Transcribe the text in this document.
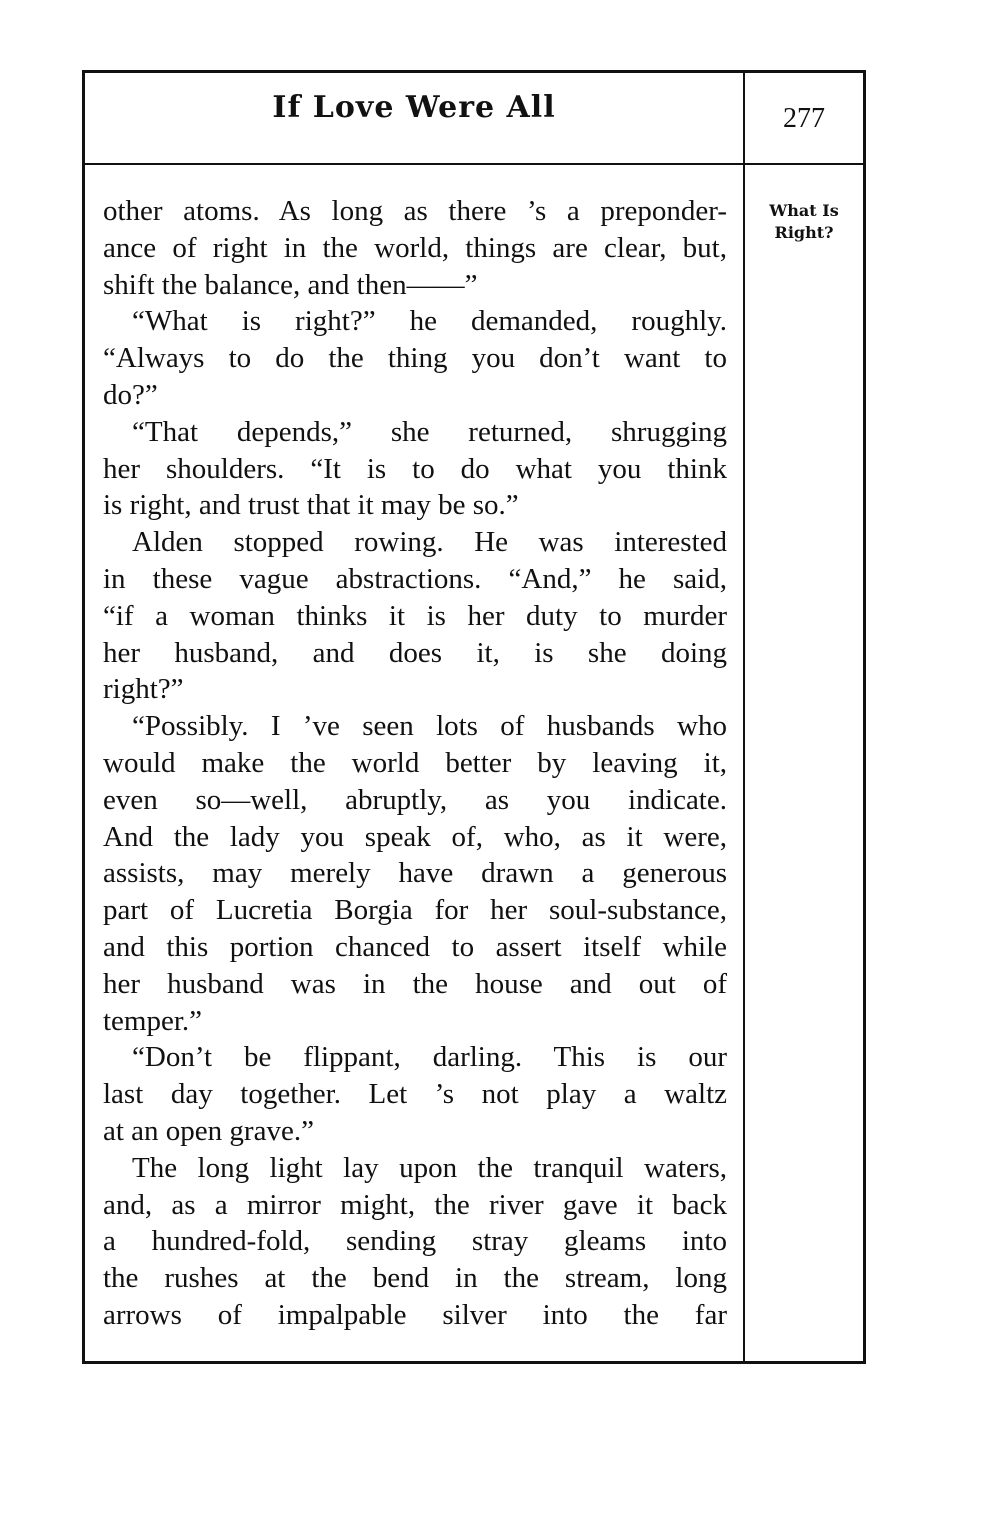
If Love Were All	277
What Is
Right?
other atoms. As long as there ’s a preponder-
ance of right in the world, things are clear, but,
shift the balance, and then——”
“What is right?” he demanded, roughly.
“Always to do the thing you don’t want to
do?”
“That depends,” she returned, shrugging
her shoulders. “It is to do what you think
is right, and trust that it may be so.”
Alden stopped rowing. He was interested
in these vague abstractions. “And,” he said,
“if a woman thinks it is her duty to murder
her husband, and does it, is she doing
right?”
“Possibly. I ’ve seen lots of husbands who
would make the world better by leaving it,
even so—well, abruptly, as you indicate.
And the lady you speak of, who, as it were,
assists, may merely have drawn a generous
part of Lucretia Borgia for her soul-substance,
and this portion chanced to assert itself while
her husband was in the house and out of
temper.”
“Don’t be flippant, darling. This is our
last day together. Let ’s not play a waltz
at an open grave.”
The long light lay upon the tranquil waters,
and, as a mirror might, the river gave it back
a hundred-fold, sending stray gleams into
the rushes at the bend in the stream, long
arrows of impalpable silver into the far
